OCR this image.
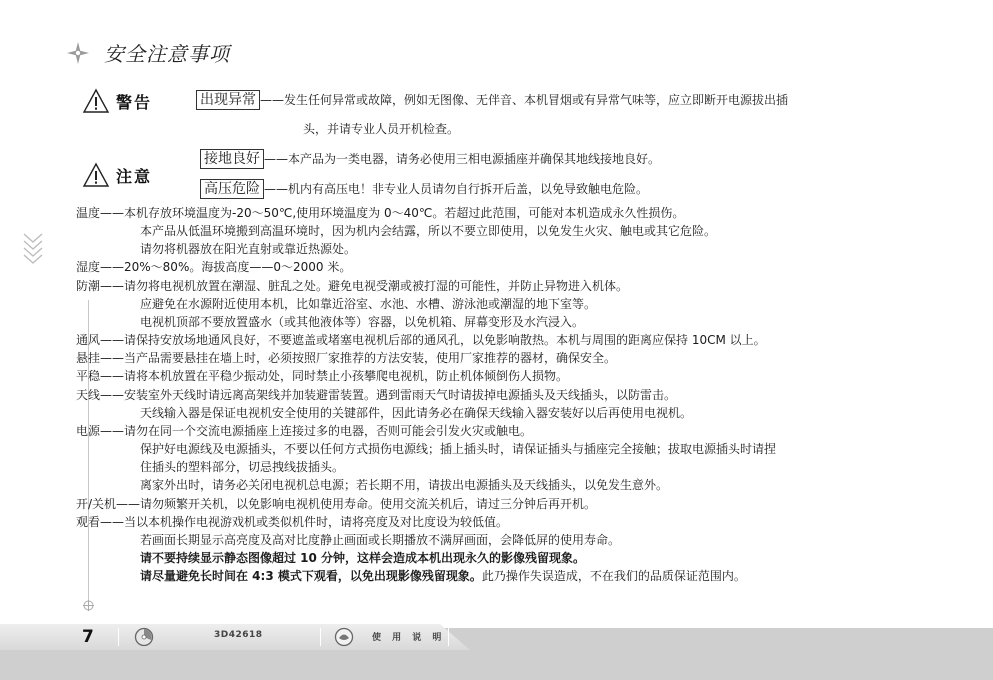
安全注意事项
警告	出现异常 ——发生任何异常或故障，例如无图像、无伴音、本机冒烟或有异常气味等，应立即断开电源拔出插
头，并请专业人员开机检查。
注意
接地良好 ——本产品为一类电器，请务必使用三相电源插座并确保其地线接地良好。
高压危险 ——机内有高压电！非专业人员请勿自行拆开后盖，以免导致触电危险。
温度——本机存放环境温度为-20～50℃,使用环境温度为 0～40℃。若超过此范围，可能对本机造成永久性损伤。
本产品从低温环境搬到高温环境时，因为机内会结露，所以不要立即使用，以免发生火灾、触电或其它危险。
请勿将机器放在阳光直射或靠近热源处。
湿度——20%～80%。海拔高度——0～2000 米。
防潮——请勿将电视机放置在潮湿、脏乱之处。避免电视受潮或被打湿的可能性，并防止异物进入机体。
应避免在水源附近使用本机，比如靠近浴室、水池、水槽、游泳池或潮湿的地下室等。
电视机顶部不要放置盛水（或其他液体等）容器，以免机箱、屏幕变形及水汽浸入。
通风——请保持安放场地通风良好，不要遮盖或堵塞电视机后部的通风孔，以免影响散热。本机与周围的距离应保持 10CM 以上。
悬挂——当产品需要悬挂在墙上时，必须按照厂家推荐的方法安装，使用厂家推荐的器材，确保安全。
平稳——请将本机放置在平稳少振动处，同时禁止小孩攀爬电视机，防止机体倾倒伤人损物。
天线——安装室外天线时请远离高架线并加装避雷装置。遇到雷雨天气时请拔掉电源插头及天线插头，以防雷击。
天线输入器是保证电视机安全使用的关键部件，因此请务必在确保天线输入器安装好以后再使用电视机。
电源——请勿在同一个交流电源插座上连接过多的电器，否则可能会引发火灾或触电。
保护好电源线及电源插头，不要以任何方式损伤电源线；插上插头时，请保证插头与插座完全接触；拔取电源插头时请捏
住插头的塑料部分，切忌拽线拔插头。
离家外出时，请务必关闭电视机总电源；若长期不用，请拔出电源插头及天线插头，以免发生意外。
开/关机——请勿频繁开关机，以免影响电视机使用寿命。使用交流关机后，请过三分钟后再开机。
观看——当以本机操作电视游戏机或类似机件时，请将亮度及对比度设为较低值。
若画面长期显示高亮度及高对比度静止画面或长期播放不满屏画面，会降低屏的使用寿命。
请不要持续显示静态图像超过 10 分钟，这样会造成本机出现永久的影像残留现象。
请尽量避免长时间在 4:3 模式下观看，以免出现影像残留现象。此乃操作失误造成，不在我们的品质保证范围内。
7	3D42618	使 用 说 明
